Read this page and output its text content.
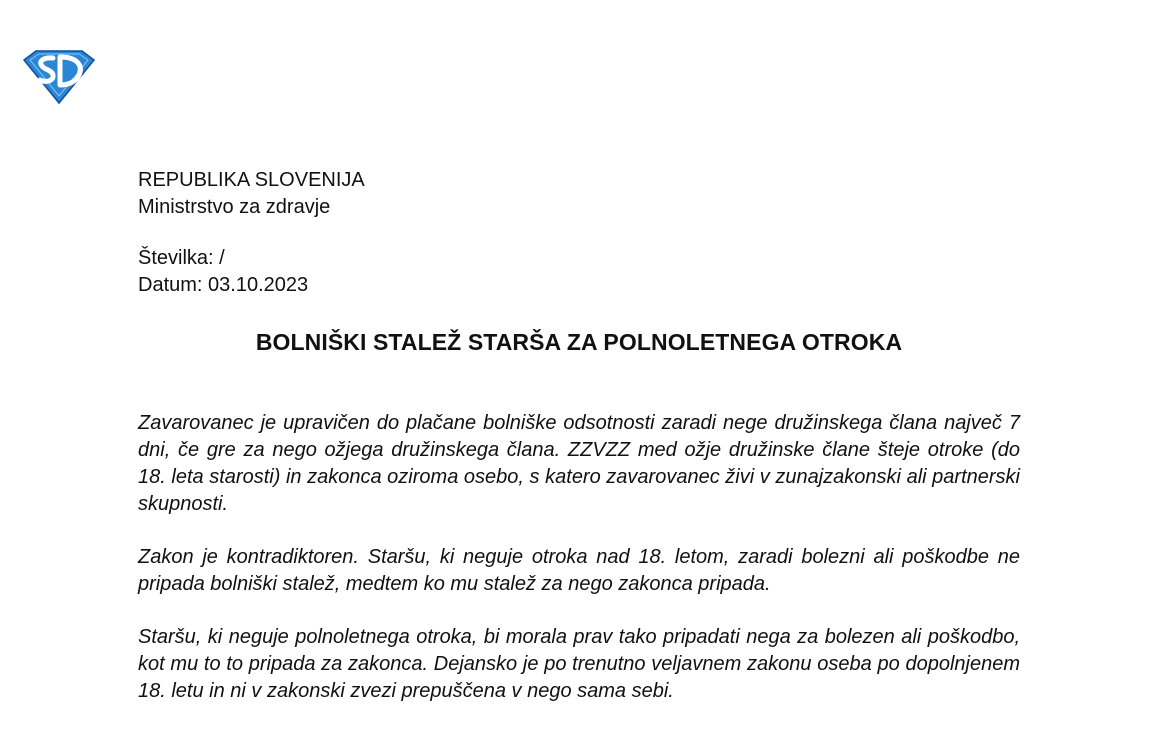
REPUBLIKA SLOVENIJA
Ministrstvo za zdravje
Številka: /
Datum: 03.10.2023
BOLNIŠKI STALEŽ STARŠA ZA POLNOLETNEGA OTROKA

Zavarovanec je upravičen do plačane bolniške odsotnosti zaradi nege družinskega člana največ 7 dni, če gre za nego ožjega družinskega člana. ZZVZZ med ožje družinske člane šteje otroke (do 18. leta starosti) in zakonca oziroma osebo, s katero zavarovanec živi v zunajzakonski ali partnerski skupnosti.

Zakon je kontradiktoren. Staršu, ki neguje otroka nad 18. letom, zaradi bolezni ali poškodbe ne pripada bolniški stalež, medtem ko mu stalež za nego zakonca pripada.

Staršu, ki neguje polnoletnega otroka, bi morala prav tako pripadati nega za bolezen ali poškodbo, kot mu to to pripada za zakonca. Dejansko je po trenutno veljavnem zakonu oseba po dopolnjenem 18. letu in ni v zakonski zvezi prepuščena v nego sama sebi.
